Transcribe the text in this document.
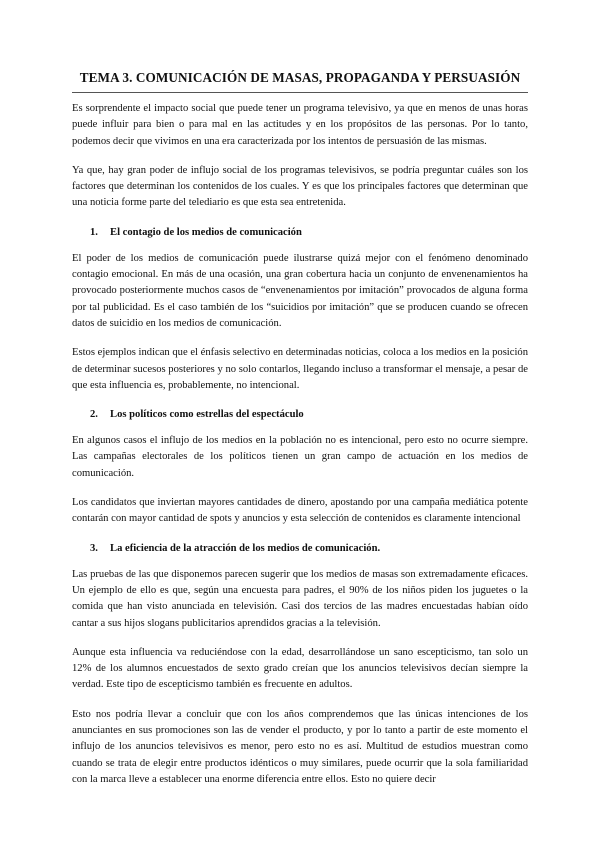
TEMA 3. COMUNICACIÓN DE MASAS, PROPAGANDA Y PERSUASIÓN

Es sorprendente el impacto social que puede tener un programa televisivo, ya que en menos de unas horas puede influir para bien o para mal en las actitudes y en los propósitos de las personas. Por lo tanto, podemos decir que vivimos en una era caracterizada por los intentos de persuasión de las mismas.

Ya que, hay gran poder de influjo social de los programas televisivos, se podría preguntar cuáles son los factores que determinan los contenidos de los cuales. Y es que los principales factores que determinan que una noticia forme parte del telediario es que esta sea entretenida.

1. El contagio de los medios de comunicación

El poder de los medios de comunicación puede ilustrarse quizá mejor con el fenómeno denominado contagio emocional. En más de una ocasión, una gran cobertura hacia un conjunto de envenenamientos ha provocado posteriormente muchos casos de “envenenamientos por imitación” provocados de alguna forma por tal publicidad. Es el caso también de los “suicidios por imitación” que se producen cuando se ofrecen datos de suicidio en los medios de comunicación.

Estos ejemplos indican que el énfasis selectivo en determinadas noticias, coloca a los medios en la posición de determinar sucesos posteriores y no solo contarlos, llegando incluso a transformar el mensaje, a pesar de que esta influencia es, probablemente, no intencional.

2. Los políticos como estrellas del espectáculo

En algunos casos el influjo de los medios en la población no es intencional, pero esto no ocurre siempre. Las campañas electorales de los políticos tienen un gran campo de actuación en los medios de comunicación.

Los candidatos que inviertan mayores cantidades de dinero, apostando por una campaña mediática potente contarán con mayor cantidad de spots y anuncios y esta selección de contenidos es claramente intencional

3. La eficiencia de la atracción de los medios de comunicación.

Las pruebas de las que disponemos parecen sugerir que los medios de masas son extremadamente eficaces. Un ejemplo de ello es que, según una encuesta para padres, el 90% de los niños piden los juguetes o la comida que han visto anunciada en televisión. Casi dos tercios de las madres encuestadas habían oído cantar a sus hijos slogans publicitarios aprendidos gracias a la televisión.

Aunque esta influencia va reduciéndose con la edad, desarrollándose un sano escepticismo, tan solo un 12% de los alumnos encuestados de sexto grado creían que los anuncios televisivos decían siempre la verdad. Este tipo de escepticismo también es frecuente en adultos.

Esto nos podría llevar a concluir que con los años comprendemos que las únicas intenciones de los anunciantes en sus promociones son las de vender el producto, y por lo tanto a partir de este momento el influjo de los anuncios televisivos es menor, pero esto no es así. Multitud de estudios muestran como cuando se trata de elegir entre productos idénticos o muy similares, puede ocurrir que la sola familiaridad con la marca lleve a establecer una enorme diferencia entre ellos. Esto no quiere decir
